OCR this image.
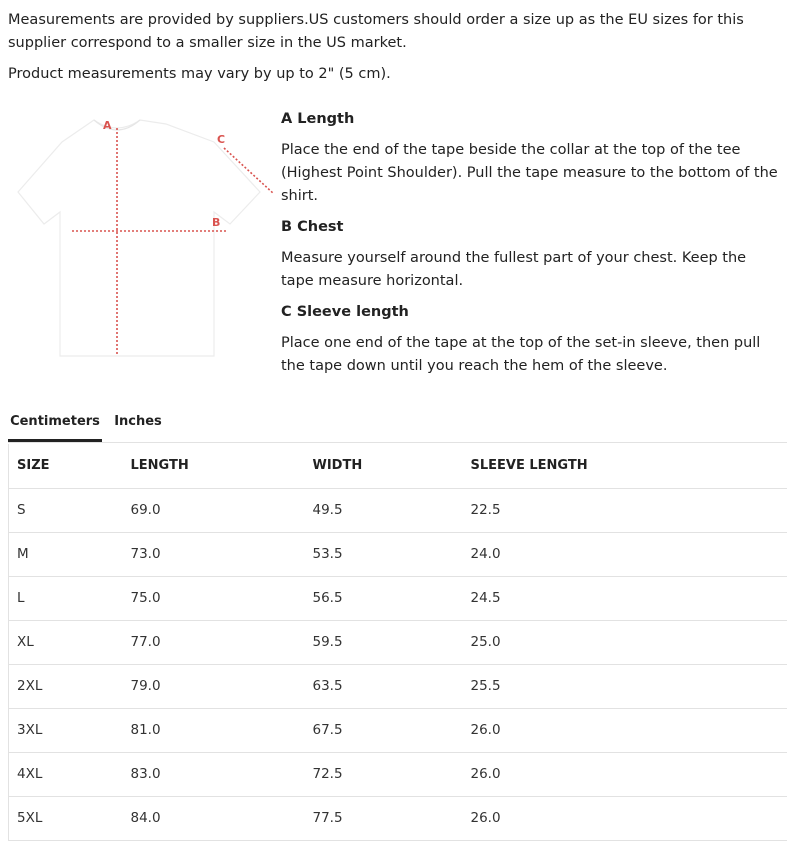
Measurements are provided by suppliers.US customers should order a size up as the EU sizes for this supplier correspond to a smaller size in the US market.

Product measurements may vary by up to 2" (5 cm).

A
B
C
A Length

Place the end of the tape beside the collar at the top of the tee (Highest Point Shoulder). Pull the tape measure to the bottom of the shirt.

B Chest

Measure yourself around the fullest part of your chest. Keep the tape measure horizontal.

C Sleeve length

Place one end of the tape at the top of the set-in sleeve, then pull the tape down until you reach the hem of the sleeve.

Centimeters	Inches
SIZE	LENGTH	WIDTH	SLEEVE LENGTH
S	69.0	49.5	22.5
M	73.0	53.5	24.0
L	75.0	56.5	24.5
XL	77.0	59.5	25.0
2XL	79.0	63.5	25.5
3XL	81.0	67.5	26.0
4XL	83.0	72.5	26.0
5XL	84.0	77.5	26.0
